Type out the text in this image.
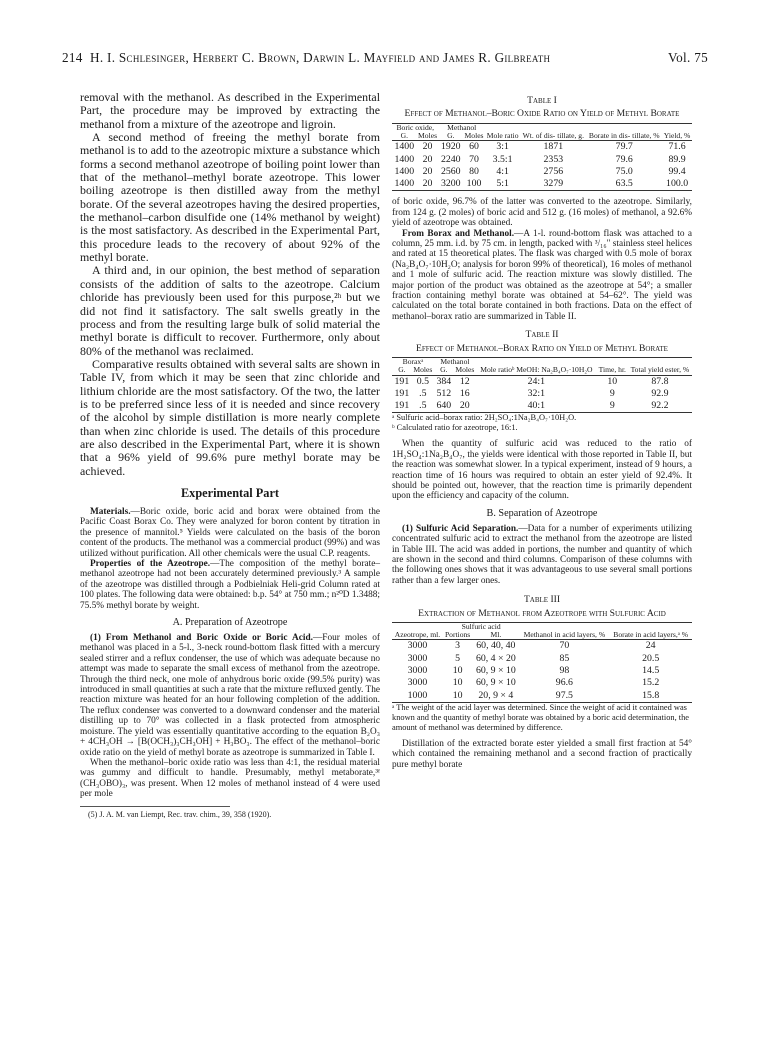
214 H. I. Schlesinger, Herbert C. Brown, Darwin L. Mayfield and James R. Gilbreath	Vol. 75

removal with the methanol. As described in the Experimental Part, the procedure may be improved by extracting the methanol from a mixture of the azeotrope and ligroin.

A second method of freeing the methyl borate from methanol is to add to the azeotropic mixture a substance which forms a second methanol azeotrope of boiling point lower than that of the methanol–methyl borate azeotrope. This lower boiling azeotrope is then distilled away from the methyl borate. Of the several azeotropes having the desired properties, the methanol–carbon disulfide one (14% methanol by weight) is the most satisfactory. As described in the Experimental Part, this procedure leads to the recovery of about 92% of the methyl borate.

A third and, in our opinion, the best method of separation consists of the addition of salts to the azeotrope. Calcium chloride has previously been used for this purpose,²ʰ but we did not find it satisfactory. The salt swells greatly in the process and from the resulting large bulk of solid material the methyl borate is difficult to recover. Furthermore, only about 80% of the methanol was reclaimed.

Comparative results obtained with several salts are shown in Table IV, from which it may be seen that zinc chloride and lithium chloride are the most satisfactory. Of the two, the latter is to be preferred since less of it is needed and since recovery of the alcohol by simple distillation is more nearly complete than when zinc chloride is used. The details of this procedure are also described in the Experimental Part, where it is shown that a 96% yield of 99.6% pure methyl borate may be achieved.

Experimental Part

Materials.—Boric oxide, boric acid and borax were obtained from the Pacific Coast Borax Co. They were analyzed for boron content by titration in the presence of mannitol.⁵ Yields were calculated on the basis of the boron content of the products. The methanol was a commercial product (99%) and was utilized without purification. All other chemicals were the usual C.P. reagents.

Properties of the Azeotrope.—The composition of the methyl borate–methanol azeotrope had not been accurately determined previously.³ A sample of the azeotrope was distilled through a Podbielniak Heli-grid Column rated at 100 plates. The following data were obtained: b.p. 54° at 750 mm.; n²⁰D 1.3488; 75.5% methyl borate by weight.

A. Preparation of Azeotrope

(1) From Methanol and Boric Oxide or Boric Acid.—Four moles of methanol was placed in a 5-l., 3-neck round-bottom flask fitted with a mercury sealed stirrer and a reflux condenser, the use of which was adequate because no attempt was made to separate the small excess of methanol from the azeotrope. Through the third neck, one mole of anhydrous boric oxide (99.5% purity) was introduced in small quantities at such a rate that the mixture refluxed gently. The reaction mixture was heated for an hour following completion of the addition. The reflux condenser was converted to a downward condenser and the material distilling up to 70° was collected in a flask protected from atmospheric moisture. The yield was essentially quantitative according to the equation B₂O₃ + 4CH₃OH → [B(OCH₃)₃CH₃OH] + H₃BO₃. The effect of the methanol–boric oxide ratio on the yield of methyl borate as azeotrope is summarized in Table I.

When the methanol–boric oxide ratio was less than 4:1, the residual material was gummy and difficult to handle. Presumably, methyl metaborate,³ᶠ (CH₃OBO)₃, was present. When 12 moles of methanol instead of 4 were used per mole

(5) J. A. M. van Liempt, Rec. trav. chim., 39, 358 (1920).
Table I
Effect of Methanol–Boric Oxide Ratio on Yield of Methyl Borate
Boric oxide,		Methanol		Mole ratio	Wt. of dis- tillate, g.	Borate in dis- tillate, %	Yield, %
G.	Moles	G.	Moles				
1400	20	1920	60	3:1	1871	79.7	71.6
1400	20	2240	70	3.5:1	2353	79.6	89.9
1400	20	2560	80	4:1	2756	75.0	99.4
1400	20	3200	100	5:1	3279	63.5	100.0

of boric oxide, 96.7% of the latter was converted to the azeotrope. Similarly, from 124 g. (2 moles) of boric acid and 512 g. (16 moles) of methanol, a 92.6% yield of azeotrope was obtained.

From Borax and Methanol.—A 1-l. round-bottom flask was attached to a column, 25 mm. i.d. by 75 cm. in length, packed with ³/₁₆" stainless steel helices and rated at 15 theoretical plates. The flask was charged with 0.5 mole of borax (Na₂B₄O₇·10H₂O; analysis for boron 99% of theoretical), 16 moles of methanol and 1 mole of sulfuric acid. The reaction mixture was slowly distilled. The major portion of the product was obtained as the azeotrope at 54°; a smaller fraction containing methyl borate was obtained at 54–62°. The yield was calculated on the total borate contained in both fractions. Data on the effect of methanol–borax ratio are summarized in Table II.

Table II
Effect of Methanol–Borax Ratio on Yield of Methyl Borate
Boraxᵃ		Methanol		Mole ratioᵇ MeOH: Na₂B₄O₇·10H₂O	Time, hr.	Total yield ester, %
G.	Moles	G.	Moles			
191	0.5	384	12	24:1	10	87.8
191	.5	512	16	32:1	9	92.9
191	.5	640	20	40:1	9	92.2
ᵃ Sulfuric acid–borax ratio: 2H₂SO₄:1Na₂B₄O₇·10H₂O.
ᵇ Calculated ratio for azeotrope, 16:1.

When the quantity of sulfuric acid was reduced to the ratio of 1H₂SO₄:1Na₂B₄O₇, the yields were identical with those reported in Table II, but the reaction was somewhat slower. In a typical experiment, instead of 9 hours, a reaction time of 16 hours was required to obtain an ester yield of 92.4%. It should be pointed out, however, that the reaction time is primarily dependent upon the efficiency and capacity of the column.

B. Separation of Azeotrope

(1) Sulfuric Acid Separation.—Data for a number of experiments utilizing concentrated sulfuric acid to extract the methanol from the azeotrope are listed in Table III. The acid was added in portions, the number and quantity of which are shown in the second and third columns. Comparison of these columns with the following ones shows that it was advantageous to use several small portions rather than a few larger ones.

Table III
Extraction of Methanol from Azeotrope with Sulfuric Acid
Azeotrope, ml.	Sulfuric acid		Methanol in acid layers, %	Borate in acid layers,ᵃ %
	Portions	Ml.		
3000	3	60, 40, 40	70	24
3000	5	60, 4 × 20	85	20.5
3000	10	60, 9 × 10	98	14.5
3000	10	60, 9 × 10	96.6	15.2
1000	10	20, 9 × 4	97.5	15.8
ᵃ The weight of the acid layer was determined. Since the weight of acid it contained was known and the quantity of methyl borate was obtained by a boric acid determination, the amount of methanol was determined by difference.

Distillation of the extracted borate ester yielded a small first fraction at 54° which contained the remaining methanol and a second fraction of practically pure methyl borate
